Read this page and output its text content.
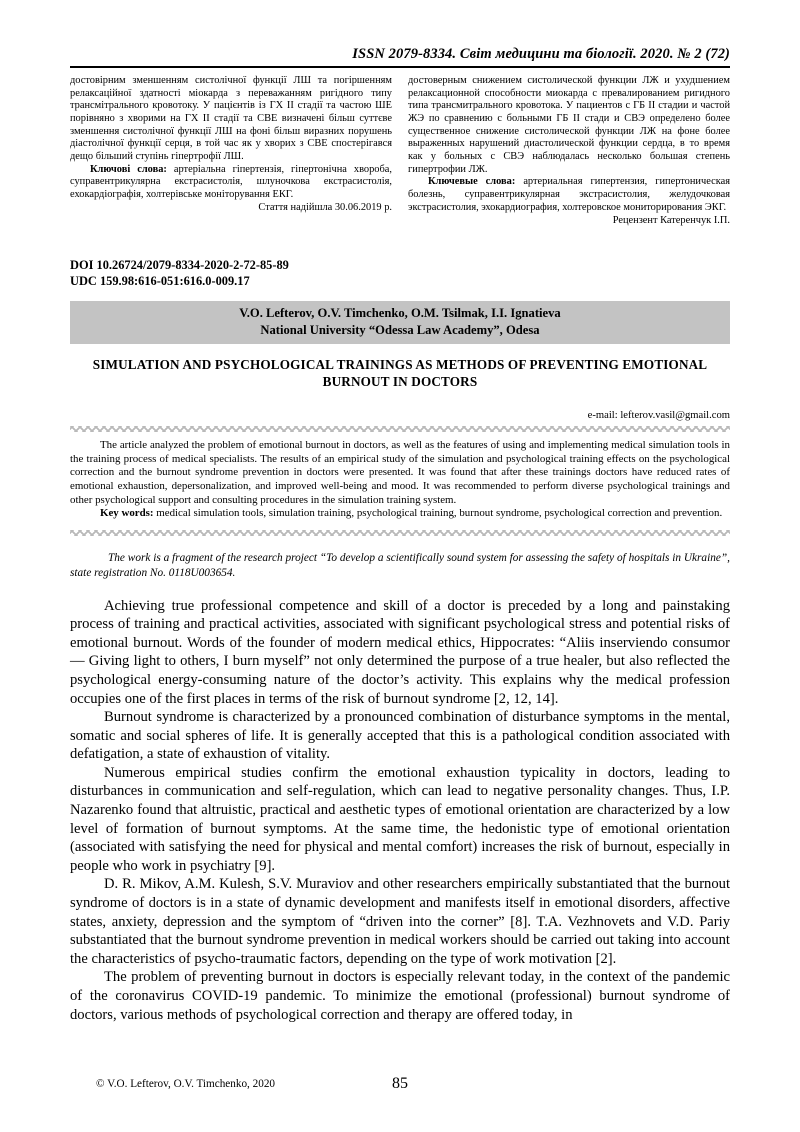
ISSN 2079-8334. Світ медицини та біології. 2020. № 2 (72)

достовірним зменшенням систолічної функції ЛШ та погіршенням релаксаційної здатності міокарда з переважанням ригідного типу трансмітрального кровотоку. У пацієнтів із ГХ II стадії та частою ШЕ порівняно з хворими на ГХ II стадії та СВЕ визначені більш суттєве зменшення систолічної функції ЛШ на фоні більш виразних порушень діастолічної функції серця, в той час як у хворих з СВЕ спостерігався дещо більший ступінь гіпертрофії ЛШ.

Ключові слова: артеріальна гіпертензія, гіпертонічна хвороба, суправентрикулярна екстрасистолія, шлуночкова екстрасистолія, ехокардіографія, холтерівське моніторування ЕКГ.

Стаття надійшла 30.06.2019 р.

достоверным снижением систолической функции ЛЖ и ухудшением релаксационной способности миокарда с превалированием ригидного типа трансмитрального кровотока. У пациентов с ГБ II стадии и частой ЖЭ по сравнению с больными ГБ II стади и СВЭ определено более существенное снижение систолической функции ЛЖ на фоне более выраженных нарушений диастолической функции сердца, в то время как у больных с СВЭ наблюдалась несколько большая степень гипертрофии ЛЖ.

Ключевые слова: артериальная гипертензия, гипертоническая болезнь, суправентрикулярная экстрасистолия, желудочковая экстрасистолия, эхокардиография, холтеровское мониторирования ЭКГ.

Рецензент Катеренчук І.П.

DOI 10.26724/2079-8334-2020-2-72-85-89
UDC 159.98:616-051:616.0-009.17
V.O. Lefterov, O.V. Timchenko, O.M. Tsilmak, I.I. Ignatieva
National University “Odessa Law Academy”, Odesa
SIMULATION AND PSYCHOLOGICAL TRAININGS AS METHODS OF PREVENTING EMOTIONAL BURNOUT IN DOCTORS
e-mail: lefterov.vasil@gmail.com

The article analyzed the problem of emotional burnout in doctors, as well as the features of using and implementing medical simulation tools in the training process of medical specialists. The results of an empirical study of the simulation and psychological training effects on the psychological correction and the burnout syndrome prevention in doctors were presented. It was found that after these trainings doctors have reduced rates of emotional exhaustion, depersonalization, and improved well-being and mood. It was recommended to perform diverse psychological trainings and other psychological support and consulting procedures in the simulation training system.

Key words: medical simulation tools, simulation training, psychological training, burnout syndrome, psychological correction and prevention.

The work is a fragment of the research project “To develop a scientifically sound system for assessing the safety of hospitals in Ukraine”, state registration No. 0118U003654.

Achieving true professional competence and skill of a doctor is preceded by a long and painstaking process of training and practical activities, associated with significant psychological stress and potential risks of emotional burnout. Words of the founder of modern medical ethics, Hippocrates: “Aliis inserviendo consumor — Giving light to others, I burn myself” not only determined the purpose of a true healer, but also reflected the psychological energy-consuming nature of the doctor’s activity. This explains why the medical profession occupies one of the first places in terms of the risk of burnout syndrome [2, 12, 14].

Burnout syndrome is characterized by a pronounced combination of disturbance symptoms in the mental, somatic and social spheres of life. It is generally accepted that this is a pathological condition associated with defatigation, a state of exhaustion of vitality.

Numerous empirical studies confirm the emotional exhaustion typicality in doctors, leading to disturbances in communication and self-regulation, which can lead to negative personality changes. Thus, I.P. Nazarenko found that altruistic, practical and aesthetic types of emotional orientation are characterized by a low level of formation of burnout symptoms. At the same time, the hedonistic type of emotional orientation (associated with satisfying the need for physical and mental comfort) increases the risk of burnout, especially in people who work in psychiatry [9].

D. R. Mikov, A.M. Kulesh, S.V. Muraviov and other researchers empirically substantiated that the burnout syndrome of doctors is in a state of dynamic development and manifests itself in emotional disorders, affective states, anxiety, depression and the symptom of “driven into the corner” [8]. T.A. Vezhnovets and V.D. Pariy substantiated that the burnout syndrome prevention in medical workers should be carried out taking into account the characteristics of psycho-traumatic factors, depending on the type of work motivation [2].

The problem of preventing burnout in doctors is especially relevant today, in the context of the pandemic of the coronavirus COVID-19 pandemic. To minimize the emotional (professional) burnout syndrome of doctors, various methods of psychological correction and therapy are offered today, in

© V.O. Lefterov, O.V. Timchenko, 2020	85
